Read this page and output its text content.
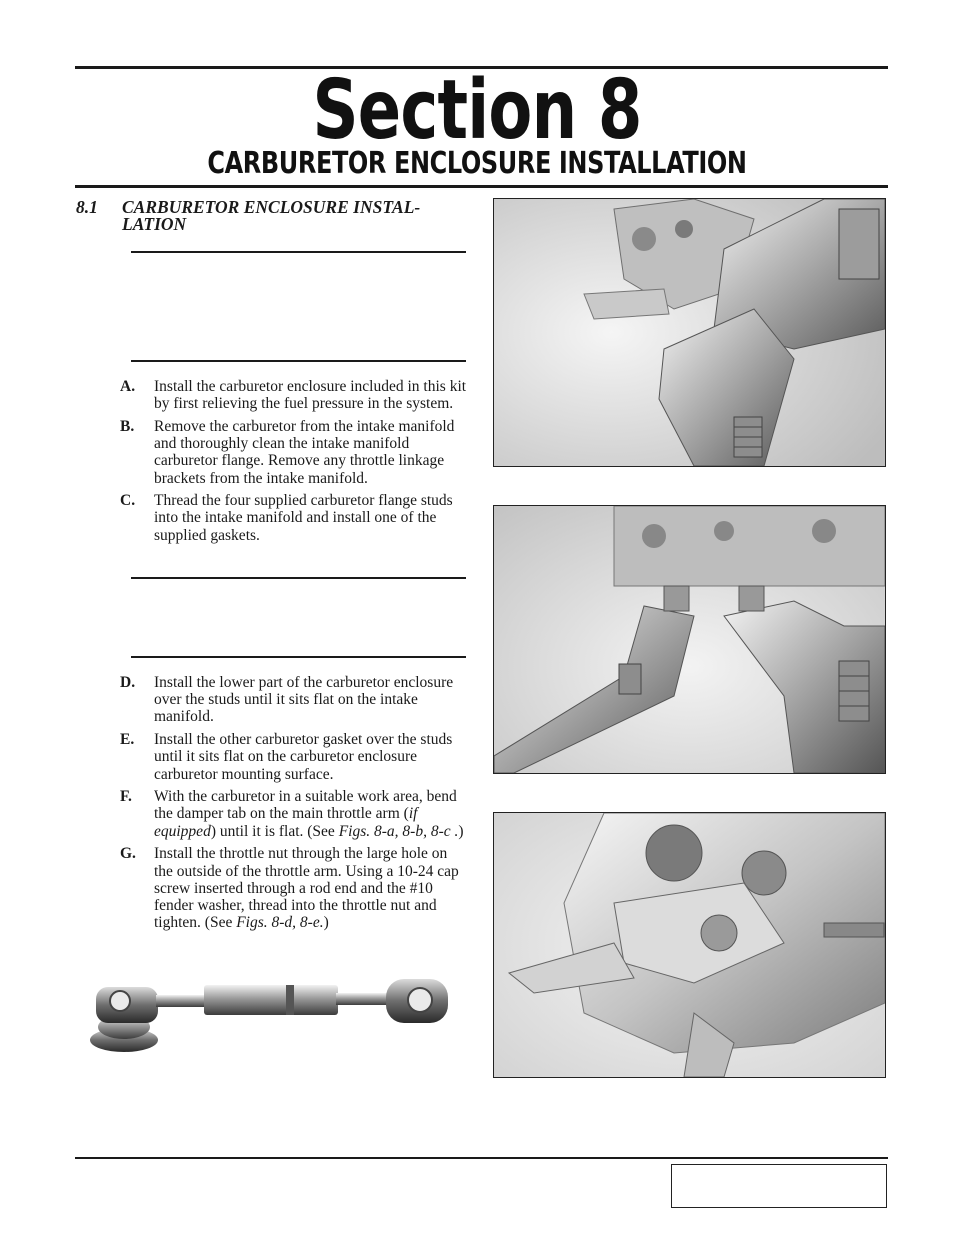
Section 8
CARBURETOR ENCLOSURE INSTALLATION
8.1 CARBURETOR ENCLOSURE INSTAL-LATION
A. Install the carburetor enclosure included in this kit by first relieving the fuel pressure in the system.
B. Remove the carburetor from the intake manifold and thoroughly clean the intake manifold carburetor flange. Remove any throttle linkage brackets from the intake manifold.
C. Thread the four supplied carburetor flange studs into the intake manifold and install one of the supplied gaskets.
D. Install the lower part of the carburetor enclosure over the studs until it sits flat on the intake manifold.
E. Install the other carburetor gasket over the studs until it sits flat on the carburetor enclosure carburetor mounting surface.
F. With the carburetor in a suitable work area, bend the damper tab on the main throttle arm (if equipped) until it is flat. (See Figs. 8-a, 8-b, 8-c .)
G. Install the throttle nut through the large hole on the outside of the throttle arm. Using a 10-24 cap screw inserted through a rod end and the #10 fender washer, thread into the throttle nut and tighten. (See Figs. 8-d, 8-e.)
